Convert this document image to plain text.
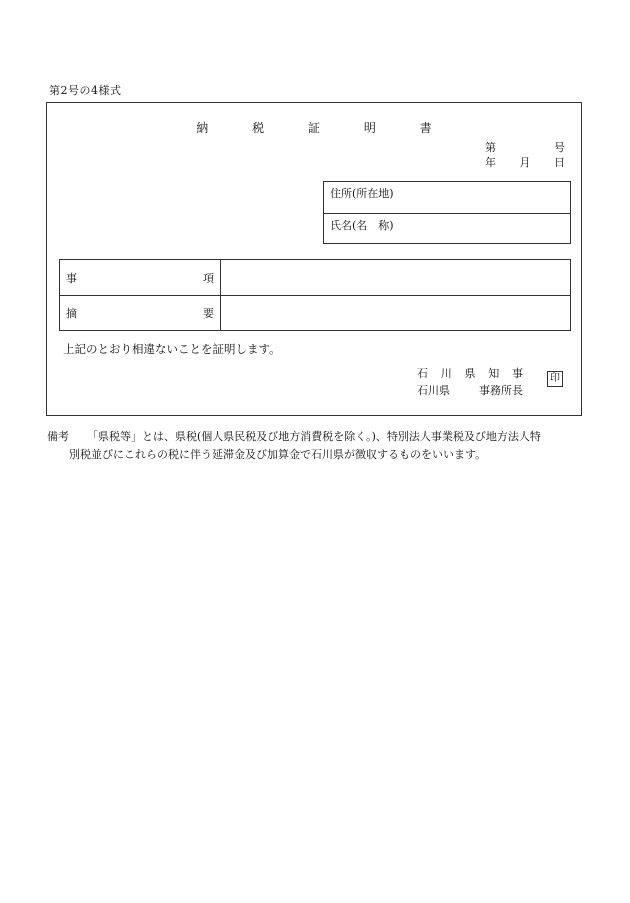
第2号の4様式
納	税	証	明	書
第	号
年 月 日
住所(所在地)
氏名(名　称)
事	項
摘	要
上記のとおり相違ないことを証明します。
石 川 県 知 事
石川県	事務所長
印
備考 「県税等」とは、県税(個人県民税及び地方消費税を除く。)、特別法人事業税及び地方法人特
別税並びにこれらの税に伴う延滞金及び加算金で石川県が徴収するものをいいます。
